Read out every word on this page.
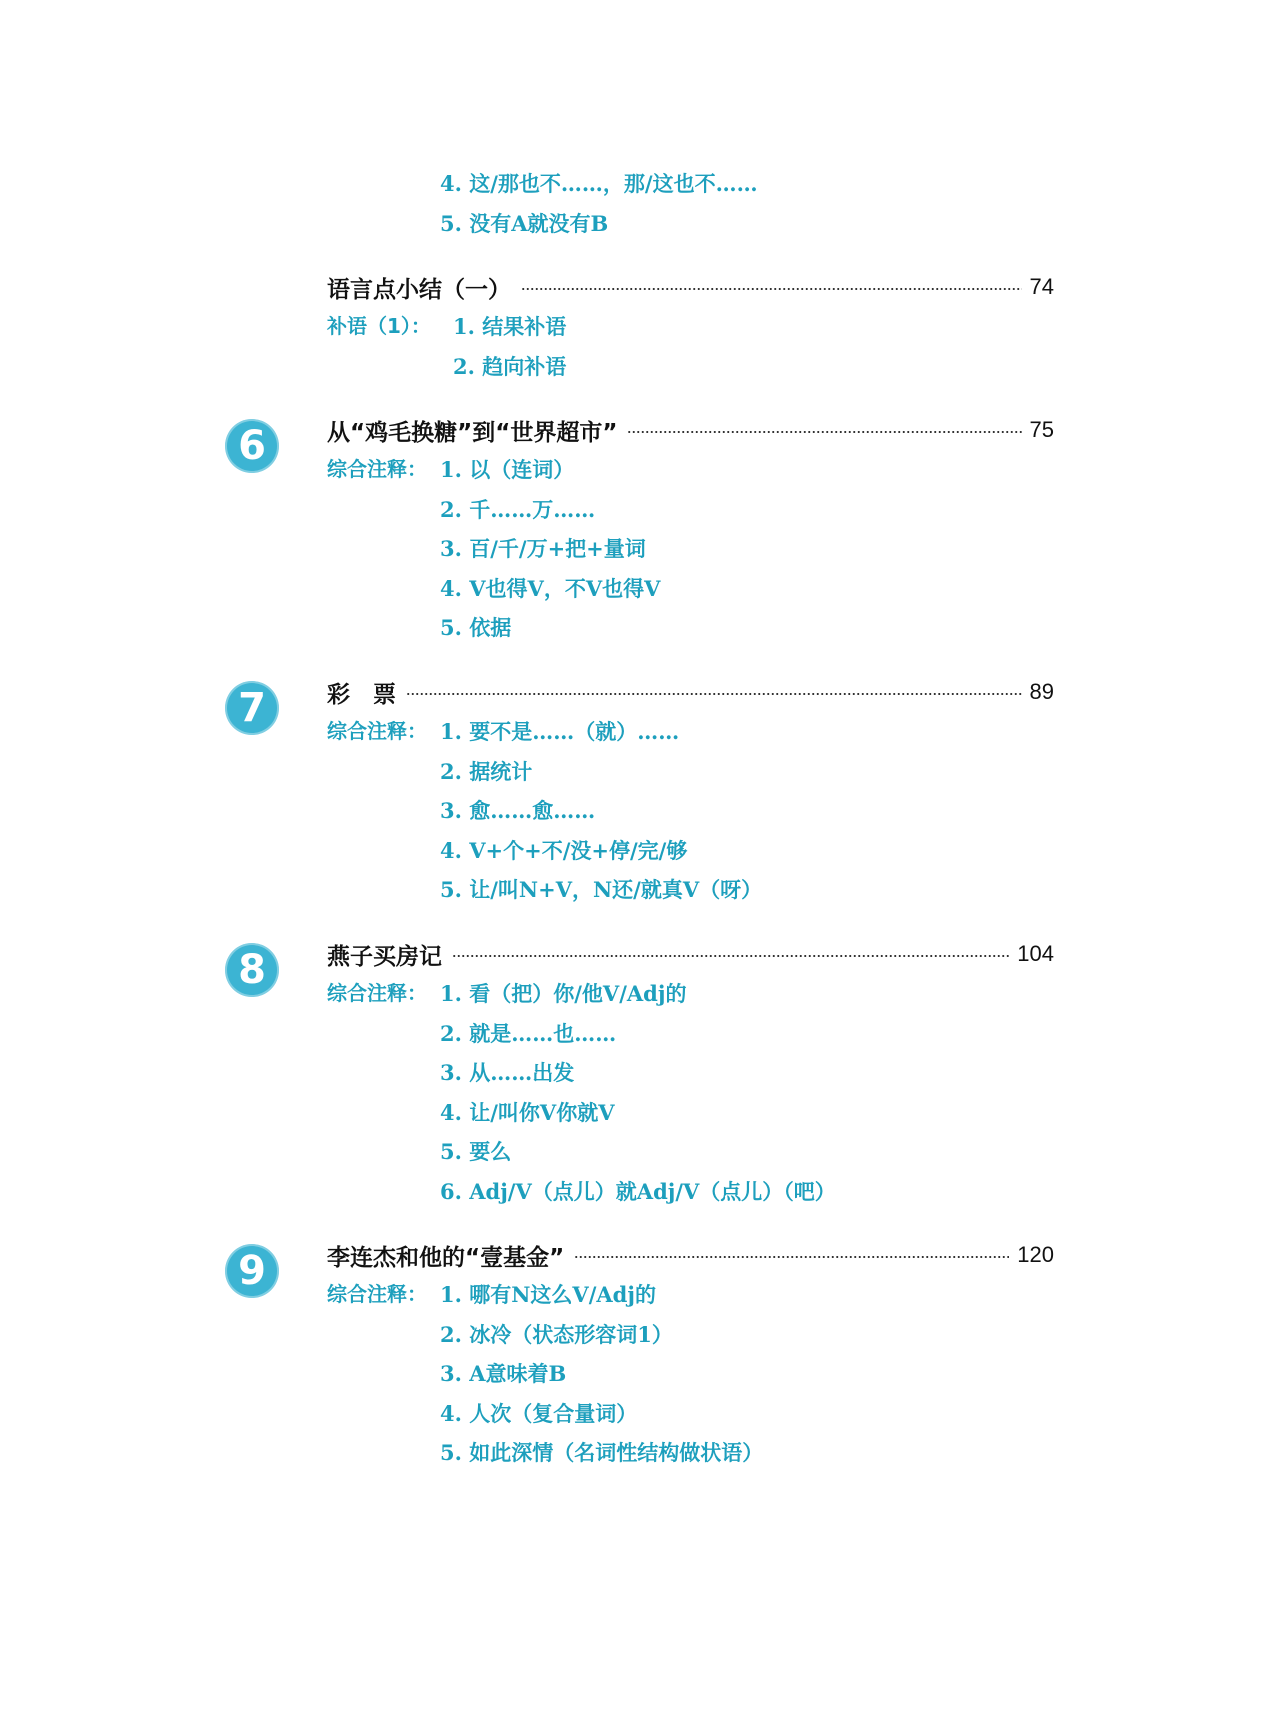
4. 这/那也不……，那/这也不……
5. 没有A就没有B
语言点小结（一）	74
补语（1）：	1. 结果补语
2. 趋向补语
6	从“鸡毛换糖”到“世界超市”	75
综合注释： 1. 以（连词）
2. 千……万……
3. 百/千/万+把+量词
4. V也得V，不V也得V
5. 依据
7	彩　票	89
综合注释： 1. 要不是……（就）……
2. 据统计
3. 愈……愈……
4. V+个+不/没+停/完/够
5. 让/叫N+V，N还/就真V（呀）
8	燕子买房记	104
综合注释： 1. 看（把）你/他V/Adj的
2. 就是……也……
3. 从……出发
4. 让/叫你V你就V
5. 要么
6. Adj/V（点儿）就Adj/V（点儿）（吧）
9	李连杰和他的“壹基金”	120
综合注释： 1. 哪有N这么V/Adj的
2. 冰冷（状态形容词1）
3. A意味着B
4. 人次（复合量词）
5. 如此深情（名词性结构做状语）
